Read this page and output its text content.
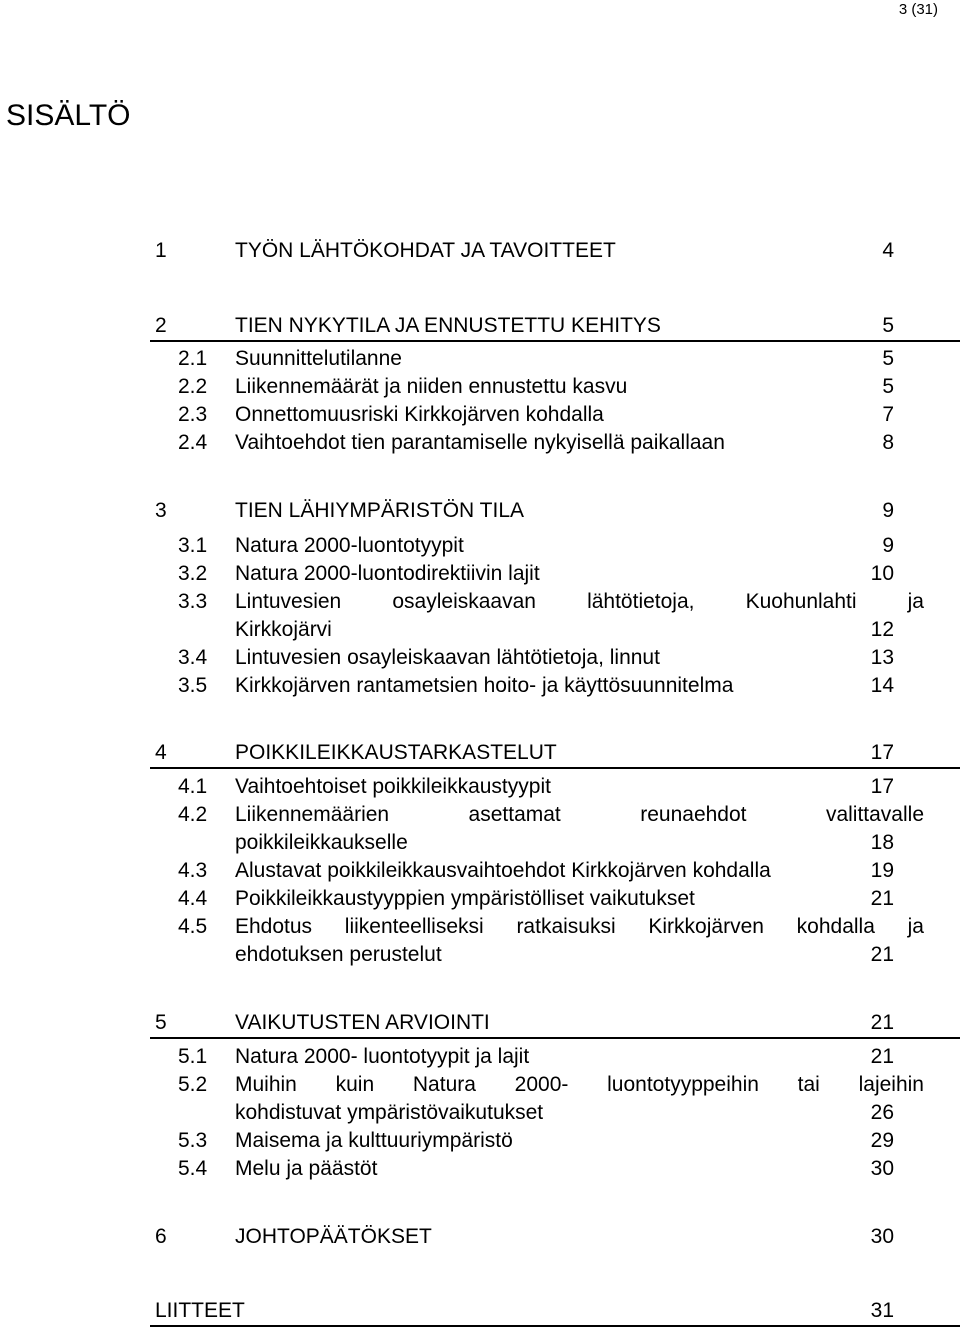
3 (31)
SISÄLTÖ
1	TYÖN LÄHTÖKOHDAT JA TAVOITTEET	4
2	TIEN NYKYTILA JA ENNUSTETTU KEHITYS	5
2.1 Suunnittelutilanne	5
2.2 Liikennemäärät ja niiden ennustettu kasvu	5
2.3 Onnettomuusriski Kirkkojärven kohdalla	7
2.4 Vaihtoehdot tien parantamiselle nykyisellä paikallaan	8
3	TIEN LÄHIYMPÄRISTÖN TILA	9
3.1 Natura 2000-luontotyypit	9
3.2 Natura 2000-luontodirektiivin lajit	10
3.3 Lintuvesien osayleiskaavan lähtötietoja, Kuohunlahti ja
Kirkkojärvi	12
3.4 Lintuvesien osayleiskaavan lähtötietoja, linnut	13
3.5 Kirkkojärven rantametsien hoito- ja käyttösuunnitelma	14
4	POIKKILEIKKAUSTARKASTELUT	17
4.1 Vaihtoehtoiset poikkileikkaustyypit	17
4.2 Liikennemäärien asettamat reunaehdot valittavalle
poikkileikkaukselle	18
4.3 Alustavat poikkileikkausvaihtoehdot Kirkkojärven kohdalla	19
4.4 Poikkileikkaustyyppien ympäristölliset vaikutukset	21
4.5 Ehdotus liikenteelliseksi ratkaisuksi Kirkkojärven kohdalla ja
ehdotuksen perustelut	21
5	VAIKUTUSTEN ARVIOINTI	21
5.1 Natura 2000- luontotyypit ja lajit	21
5.2 Muihin kuin Natura 2000- luontotyyppeihin tai lajeihin
kohdistuvat ympäristövaikutukset	26
5.3 Maisema ja kulttuuriympäristö	29
5.4 Melu ja päästöt	30
6	JOHTOPÄÄTÖKSET	30
LIITTEET	31
